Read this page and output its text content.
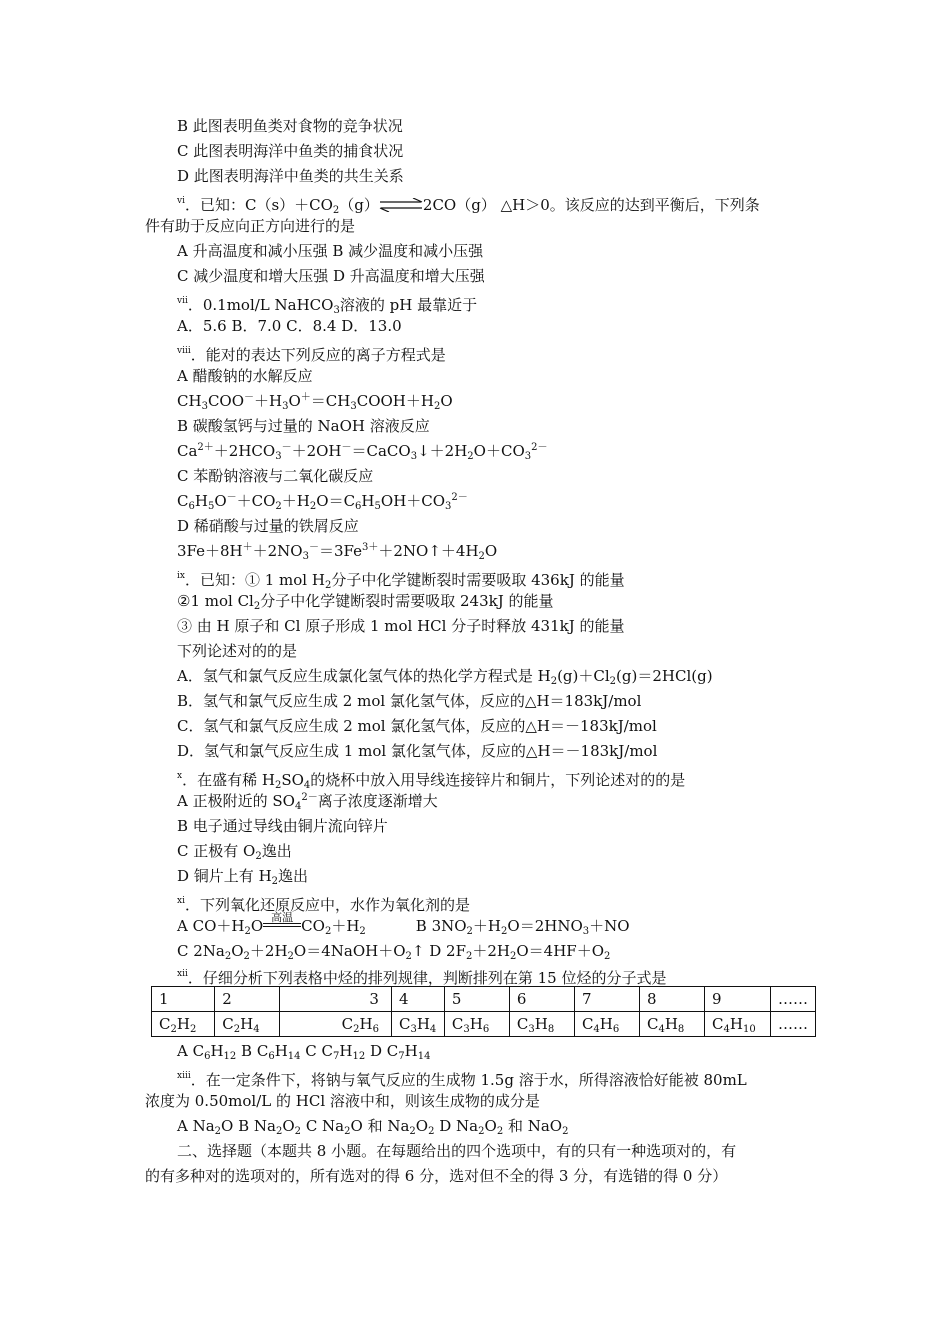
B 此图表明鱼类对食物的竞争状况
C 此图表明海洋中鱼类的捕食状况
D 此图表明海洋中鱼类的共生关系
$^{vi}$．已知：$C(s)+CO_2(g)\rightleftharpoons 2CO(g)$ △H＞0。该反应的达到平衡后，下列条
件有助于反应向正方向进行的是
A 升高温度和减小压强 B 减少温度和减小压强
C 减少温度和增大压强 D 升高温度和增大压强
$^{vii}$．0.1mol/L NaHCO$_3$溶液的 pH 最靠近于
A．5.6 B．7.0 C．8.4 D．13.0
$^{viii}$．能对的表达下列反应的离子方程式是
A 醋酸钠的水解反应
$CH_3COO^-+H_3O^+=CH_3COOH+H_2O$
B 碳酸氢钙与过量的 NaOH 溶液反应
$Ca^{2+}+2HCO_3^-+2OH^-=CaCO_3↓+2H_2O+CO_3^{2-}$
C 苯酚钠溶液与二氧化碳反应
$C_6H_5O^-+CO_2+H_2O=C_6H_5OH+CO_3^{2-}$
D 稀硝酸与过量的铁屑反应
$3Fe+8H^++2NO_3^-=3Fe^{3+}+2NO↑+4H_2O$
$^{ix}$．已知：① 1 mol $H_2$分子中化学键断裂时需要吸取 436kJ 的能量
②1 mol $Cl_2$分子中化学键断裂时需要吸取 243kJ 的能量
③ 由 H 原子和 Cl 原子形成 1 mol HCl 分子时释放 431kJ 的能量
下列论述对的的是
A．氢气和氯气反应生成氯化氢气体的热化学方程式是 $H_2(g)+Cl_2(g)=2HCl(g)$
B．氢气和氯气反应生成 2 mol 氯化氢气体，反应的△H＝183kJ/mol
C．氢气和氯气反应生成 2 mol 氯化氢气体，反应的△H＝－183kJ/mol
D．氢气和氯气反应生成 1 mol 氯化氢气体，反应的△H＝－183kJ/mol
$^x$．在盛有稀 $H_2SO_4$的烧杯中放入用导线连接锌片和铜片，下列论述对的的是
A 正极附近的 $SO_4^{2-}$离子浓度逐渐增大
B 电子通过导线由铜片流向锌片
C 正极有 $O_2$逸出
D 铜片上有 $H_2$逸出
$^{xi}$．下列氧化还原反应中，水作为氧化剂的是
A $CO+H_2O$ 高温 $CO_2+H_2$	B $3NO_2+H_2O=2HNO_3+NO$
C $2Na_2O_2+2H_2O=4NaOH+O_2↑$ D $2F_2+2H_2O=4HF+O_2$
$^{xii}$．仔细分析下列表格中烃的排列规律，判断排列在第 15 位烃的分子式是
1	2	3	4	5	6	7	8	9	……
$C_2H_2$	$C_2H_4$	$C_2H_6$	$C_3H_4$	$C_3H_6$	$C_3H_8$	$C_4H_6$	$C_4H_8$	$C_4H_{10}$	……
A $C_6H_{12}$ B $C_6H_{14}$ C $C_7H_{12}$ D $C_7H_{14}$
$^{xiii}$．在一定条件下，将钠与氧气反应的生成物 1.5g 溶于水，所得溶液恰好能被 80mL
浓度为 0.50mol/L 的 HCl 溶液中和，则该生成物的成分是
A $Na_2O$ B $Na_2O_2$ C $Na_2O$ 和 $Na_2O_2$ D $Na_2O_2$ 和 NaO$_2$
二、选择题（本题共 8 小题。在每题给出的四个选项中，有的只有一种选项对的，有
的有多种对的选项对的，所有选对的得 6 分，选对但不全的得 3 分，有选错的得 0 分）
